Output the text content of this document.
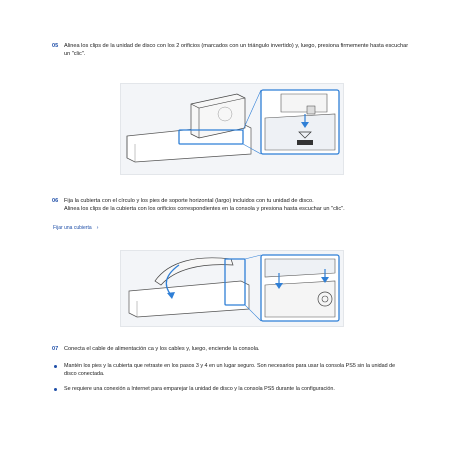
05	Alinea los clips de la unidad de disco con los 2 orificios (marcados con un triángulo invertido) y, luego, presiona firmemente hasta escuchar un "clic".
06	Fija la cubierta con el círculo y los pies de soporte horizontal (largo) incluidos con tu unidad de disco.
Alinea los clips de la cubierta con los orificios correspondientes en la consola y presiona hasta escuchar un "clic".
Fijar una cubierta ›
07	Conecta el cable de alimentación ca y los cables y, luego, enciende la consola.
Mantén los pies y la cubierta que retraste en los pasos 3 y 4 en un lugar seguro. Son necesarios para usar la consola PS5 sin la unidad de disco conectada.
Se requiere una conexión a Internet para emparejar la unidad de disco y la consola PS5 durante la configuración.
